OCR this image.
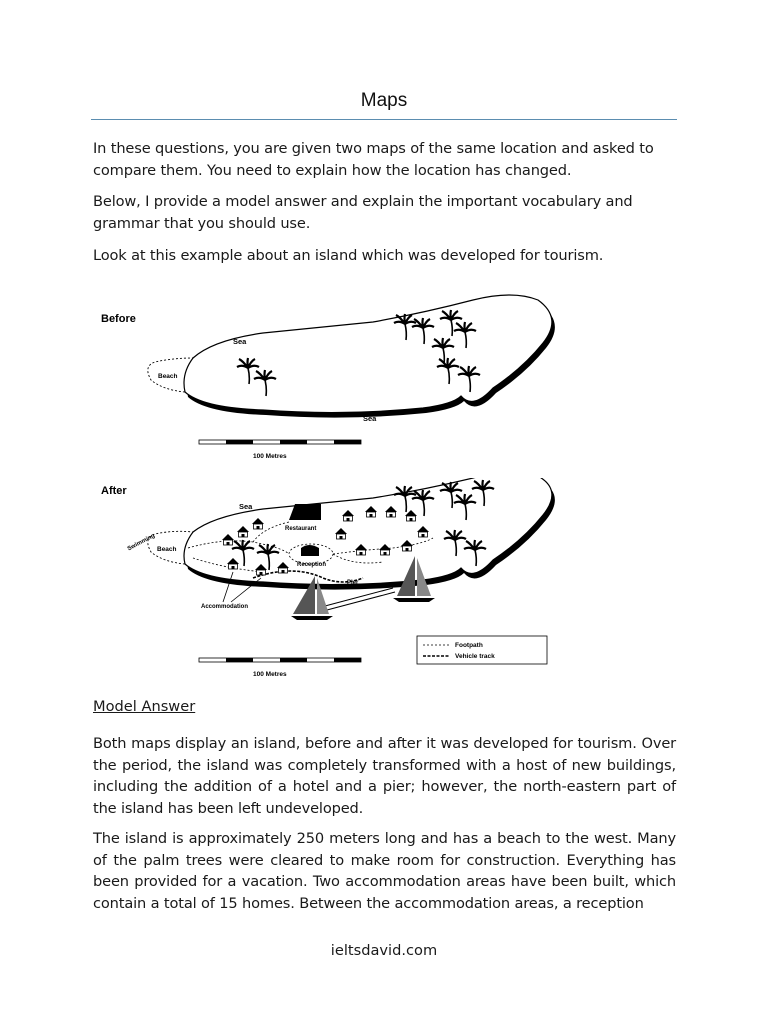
Maps

In these questions, you are given two maps of the same location and asked to compare them. You need to explain how the location has changed.

Below, I provide a model answer and explain the important vocabulary and grammar that you should use.

Look at this example about an island which was developed for tourism.

Before
Beach
Sea
Sea
100 Metres
After
Beach
Swimming
Sea
Restaurant
Reception
Accommodation
Pier
Footpath
Vehicle track
100 Metres

Model Answer

Both maps display an island, before and after it was developed for tourism. Over the period, the island was completely transformed with a host of new buildings, including the addition of a hotel and a pier; however, the north-eastern part of the island has been left undeveloped.

The island is approximately 250 meters long and has a beach to the west. Many of the palm trees were cleared to make room for construction. Everything has been provided for a vacation. Two accommodation areas have been built, which contain a total of 15 homes. Between the accommodation areas, a reception

ieltsdavid.com
